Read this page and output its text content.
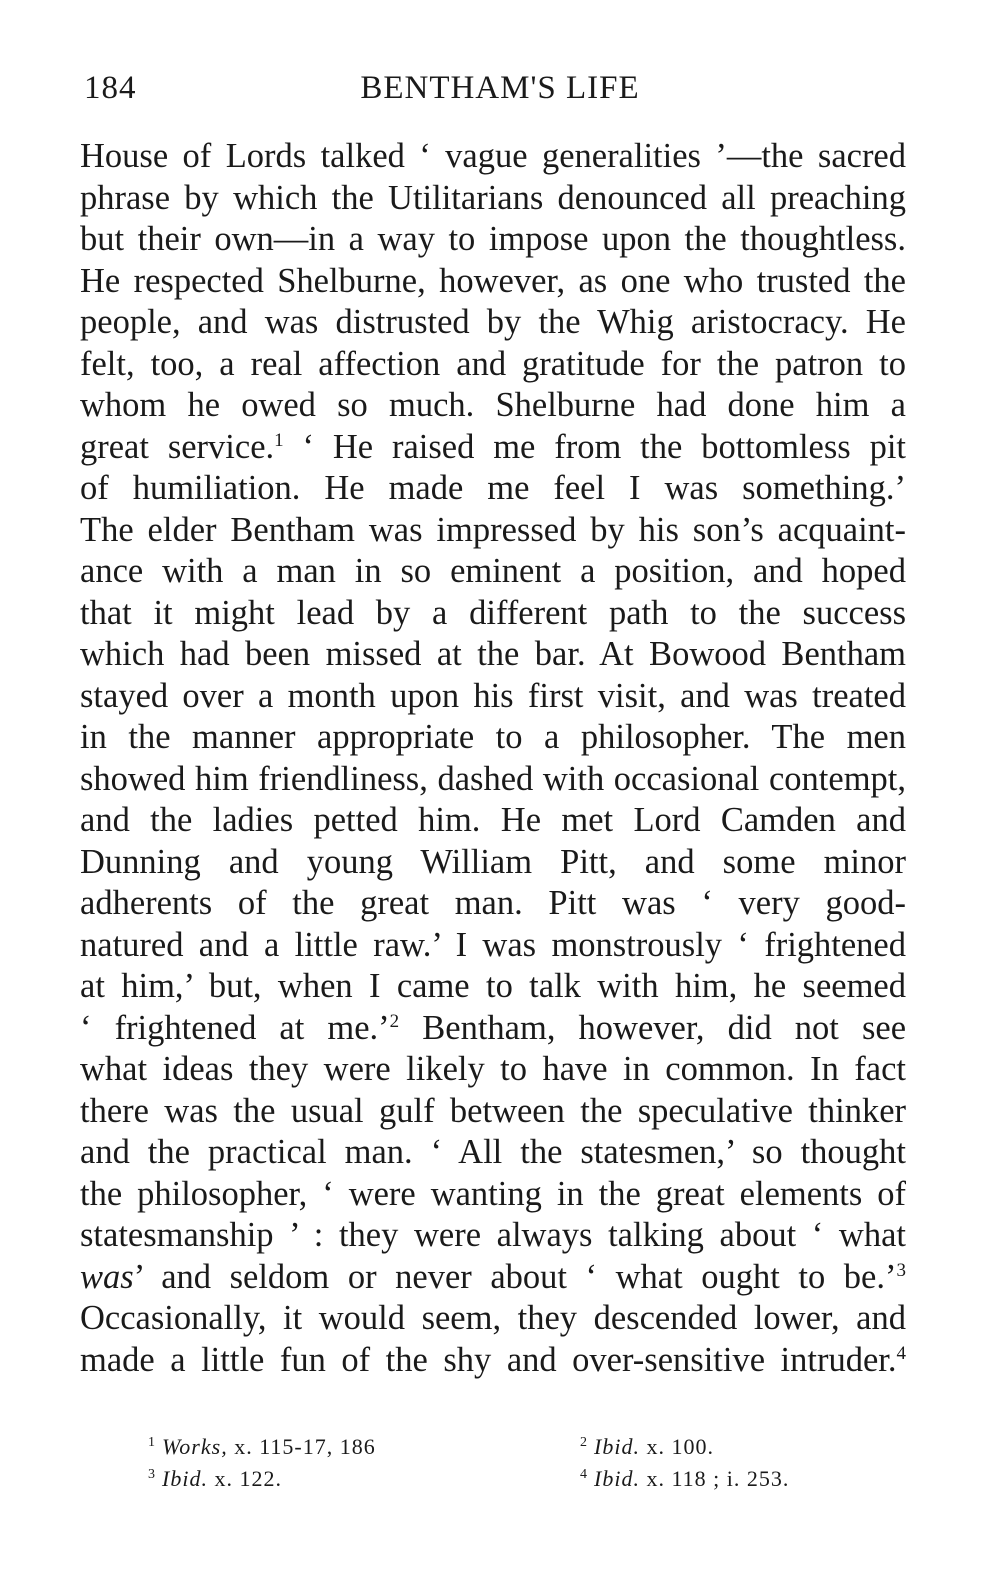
184	BENTHAM'S LIFE
House of Lords talked ‘ vague generalities ’—the sacred
phrase by which the Utilitarians denounced all preaching
but their own—in a way to impose upon the thoughtless.
He respected Shelburne, however, as one who trusted the
people, and was distrusted by the Whig aristocracy. He
felt, too, a real affection and gratitude for the patron to
whom he owed so much. Shelburne had done him a
great service.$^1$ ‘ He raised me from the bottomless pit
of humiliation. He made me feel I was something.’
The elder Bentham was impressed by his son’s acquaint-
ance with a man in so eminent a position, and hoped
that it might lead by a different path to the success
which had been missed at the bar. At Bowood Bentham
stayed over a month upon his first visit, and was treated
in the manner appropriate to a philosopher. The men
showed him friendliness, dashed with occasional contempt,
and the ladies petted him. He met Lord Camden and
Dunning and young William Pitt, and some minor
adherents of the great man. Pitt was ‘ very good-
natured and a little raw.’ I was monstrously ‘ frightened
at him,’ but, when I came to talk with him, he seemed
‘ frightened at me.’$^2$ Bentham, however, did not see
what ideas they were likely to have in common. In fact
there was the usual gulf between the speculative thinker
and the practical man. ‘ All the statesmen,’ so thought
the philosopher, ‘ were wanting in the great elements of
statesmanship ’ : they were always talking about ‘ what
was’ and seldom or never about ‘ what ought to be.’$^3$
Occasionally, it would seem, they descended lower, and
made a little fun of the shy and over-sensitive intruder.$^4$
$^1$ Works, x. 115-17, 186	$^2$ Ibid. x. 100.
$^3$ Ibid. x. 122.	$^4$ Ibid. x. 118 ; i. 253.
